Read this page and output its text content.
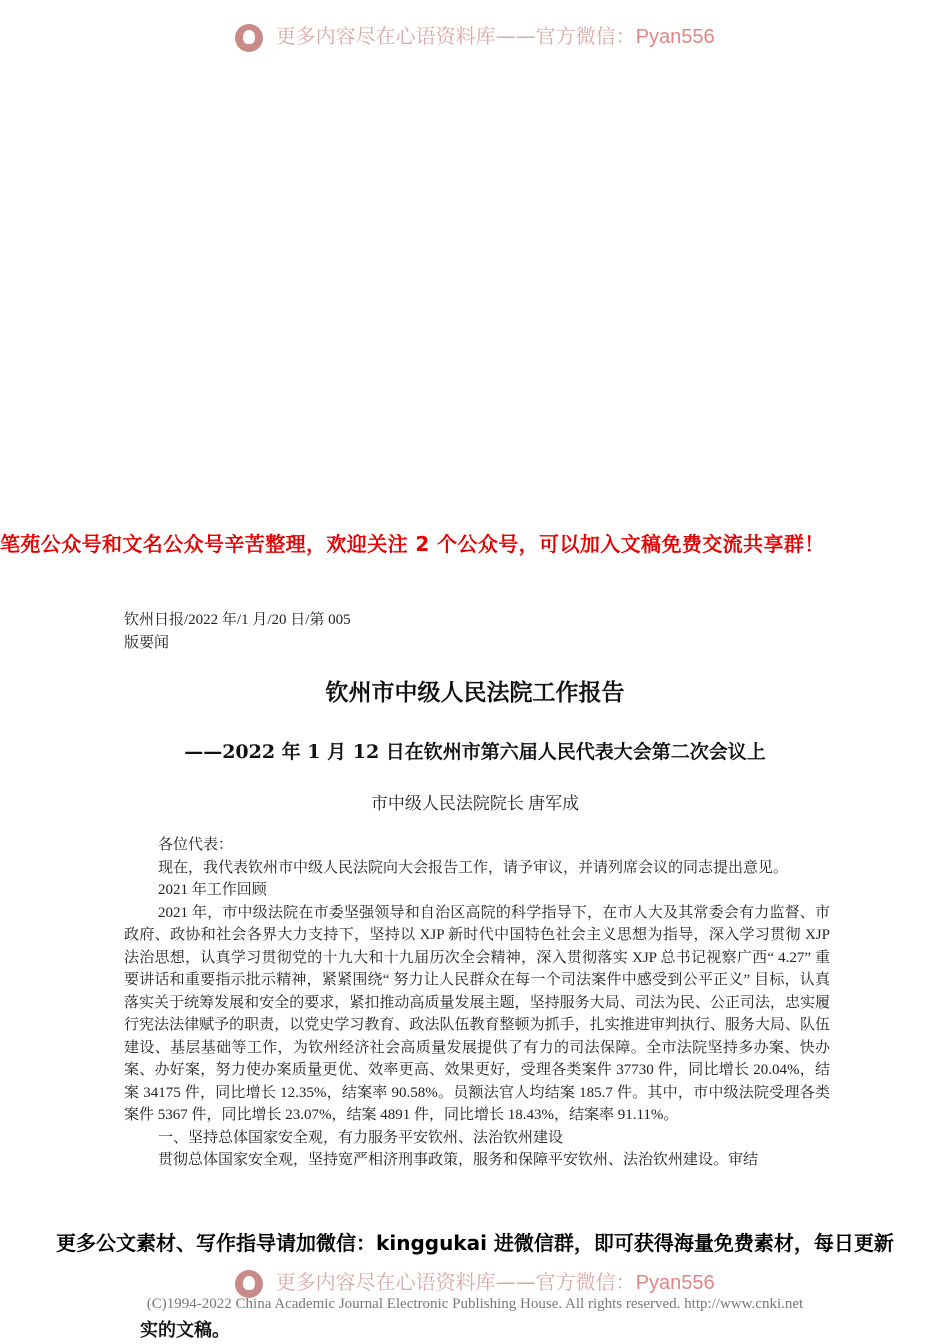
更多内容尽在心语资料库——官方微信：Pyan556
笔苑公众号和文名公众号辛苦整理，欢迎关注 2 个公众号，可以加入文稿免费交流共享群！
钦州日报/2022 年/1 月/20 日/第 005
版要闻
钦州市中级人民法院工作报告
——2022 年 1 月 12 日在钦州市第六届人民代表大会第二次会议上
市中级人民法院院长 唐军成

各位代表：

现在，我代表钦州市中级人民法院向大会报告工作，请予审议，并请列席会议的同志提出意见。

2021 年工作回顾

2021 年，市中级法院在市委坚强领导和自治区高院的科学指导下，在市人大及其常委会有力监督、市政府、政协和社会各界大力支持下，坚持以 XJP 新时代中国特色社会主义思想为指导，深入学习贯彻 XJP 法治思想，认真学习贯彻党的十九大和十九届历次全会精神，深入贯彻落实 XJP 总书记视察广西“ 4.27” 重要讲话和重要指示批示精神，紧紧围绕“ 努力让人民群众在每一个司法案件中感受到公平正义” 目标，认真落实关于统筹发展和安全的要求，紧扣推动高质量发展主题，坚持服务大局、司法为民、公正司法，忠实履行宪法法律赋予的职责，以党史学习教育、政法队伍教育整顿为抓手，扎实推进审判执行、服务大局、队伍建设、基层基础等工作，为钦州经济社会高质量发展提供了有力的司法保障。全市法院坚持多办案、快办案、办好案，努力使办案质量更优、效率更高、效果更好，受理各类案件 37730 件，同比增长 20.04%，结案 34175 件，同比增长 12.35%，结案率 90.58%。员额法官人均结案 185.7 件。其中，市中级法院受理各类案件 5367 件，同比增长 23.07%，结案 4891 件，同比增长 18.43%，结案率 91.11%。

一、坚持总体国家安全观，有力服务平安钦州、法治钦州建设

贯彻总体国家安全观，坚持宽严相济刑事政策，服务和保障平安钦州、法治钦州建设。审结

更多公文素材、写作指导请加微信：kinggukai 进微信群，即可获得海量免费素材，每日更新
更多内容尽在心语资料库——官方微信：Pyan556
(C)1994-2022 China Academic Journal Electronic Publishing House. All rights reserved. http://www.cnki.net
实的文稿。
